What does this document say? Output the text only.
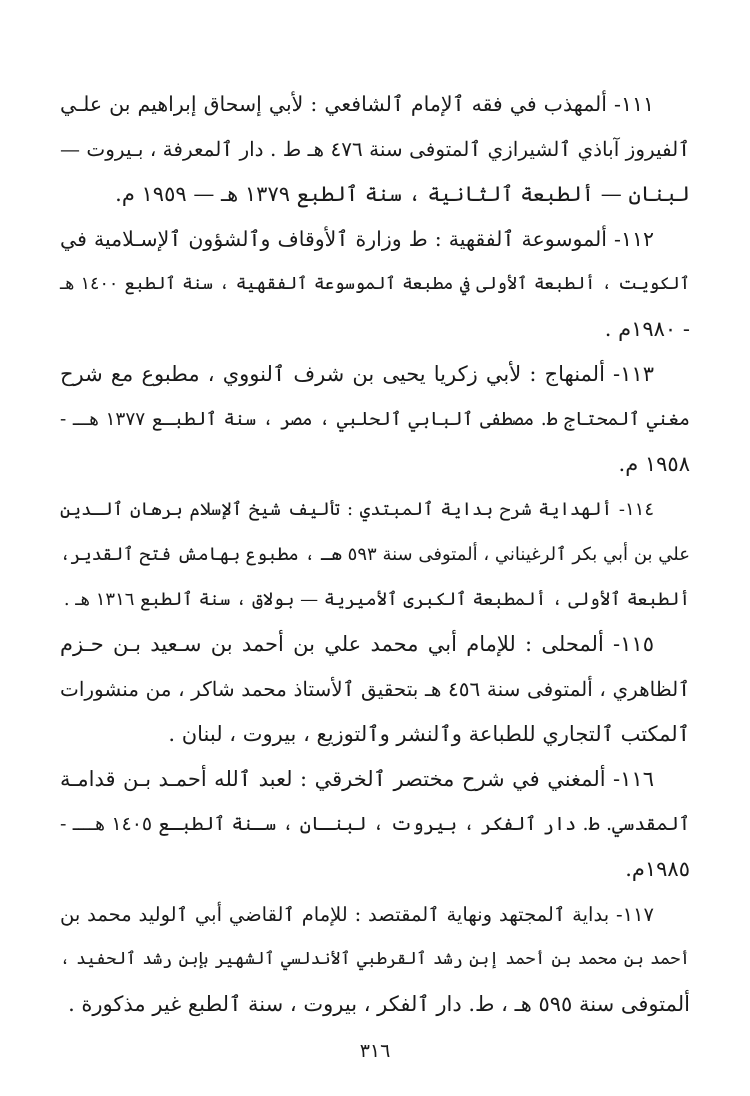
١١١- ألمهذب في فقه ٱلإمام ٱلشافعي : لأبي إسحاق إبراهيم بن علـي
ٱلفيروز آباذي ٱلشيرازي ٱلمتوفى سنة ٤٧٦ هـ ط . دار ٱلمعرفة ، بـيروت —
لبنان — ألطبعة ٱلثانية ، سنة ٱلطبع ١٣٧٩ هـ — ١٩٥٩ م.
١١٢- ألموسوعة ٱلفقهية : ط وزارة ٱلأوقاف وٱلشؤون ٱلإسـلامية في
ٱلكويت ، ألطبعة ٱلأولى في مطبعة ٱلموسوعة ٱلفقهية ، سنة ٱلطبع ١٤٠٠ هـ
- ١٩٨٠م .
١١٣- ألمنهاج : لأبي زكريا يحيى بن شرف ٱلنووي ، مطبوع مع شرح
مغني ٱلمحتاج ط. مصطفى ٱلبابي ٱلحلبي ، مصر ، سنة ٱلطبـع ١٣٧٧ هـــ -
١٩٥٨ م.
١١٤- ألهداية شرح بداية ٱلمبتدي : تأليف شيخ ٱلإسلام برهان ٱلـدين
علي بن أبي بكر ٱلرغيناني ، ألمتوفى سنة ٥٩٣ هـ ، مطبوع بهامش فتح ٱلقدير،
ألطبعة ٱلأولى ، ألمطبعة ٱلكبرى ٱلأميرية — بولاق ، سنة ٱلطبع ١٣١٦ هـ .
١١٥- ألمحلى : للإمام أبي محمد علي بن أحمد بن سـعيد بـن حـزم
ٱلظاهري ، ألمتوفى سنة ٤٥٦ هـ بتحقيق ٱلأستاذ محمد شاكر ، من منشورات
ٱلمكتب ٱلتجاري للطباعة وٱلنشر وٱلتوزيع ، بيروت ، لبنان .
١١٦- ألمغني في شرح مختصر ٱلخرقي : لعبد ٱلله أحمـد بـن قدامـة
ٱلمقدسي. ط. دار ٱلفكر ، بيروت ، لبنـان ، سـنة ٱلطبـع ١٤٠٥ هــــ -
١٩٨٥م.
١١٧- بداية ٱلمجتهد ونهاية ٱلمقتصد : للإمام ٱلقاضي أبي ٱلوليد محمد بن
أحمد بن محمد بن أحمد إبن رشد ٱلقرطبي ٱلأندلسي ٱلشهير بإبن رشد ٱلحفيد ،
ألمتوفى سنة ٥٩٥ هـ ، ط. دار ٱلفكر ، بيروت ، سنة ٱلطبع غير مذكورة .
٣١٦
